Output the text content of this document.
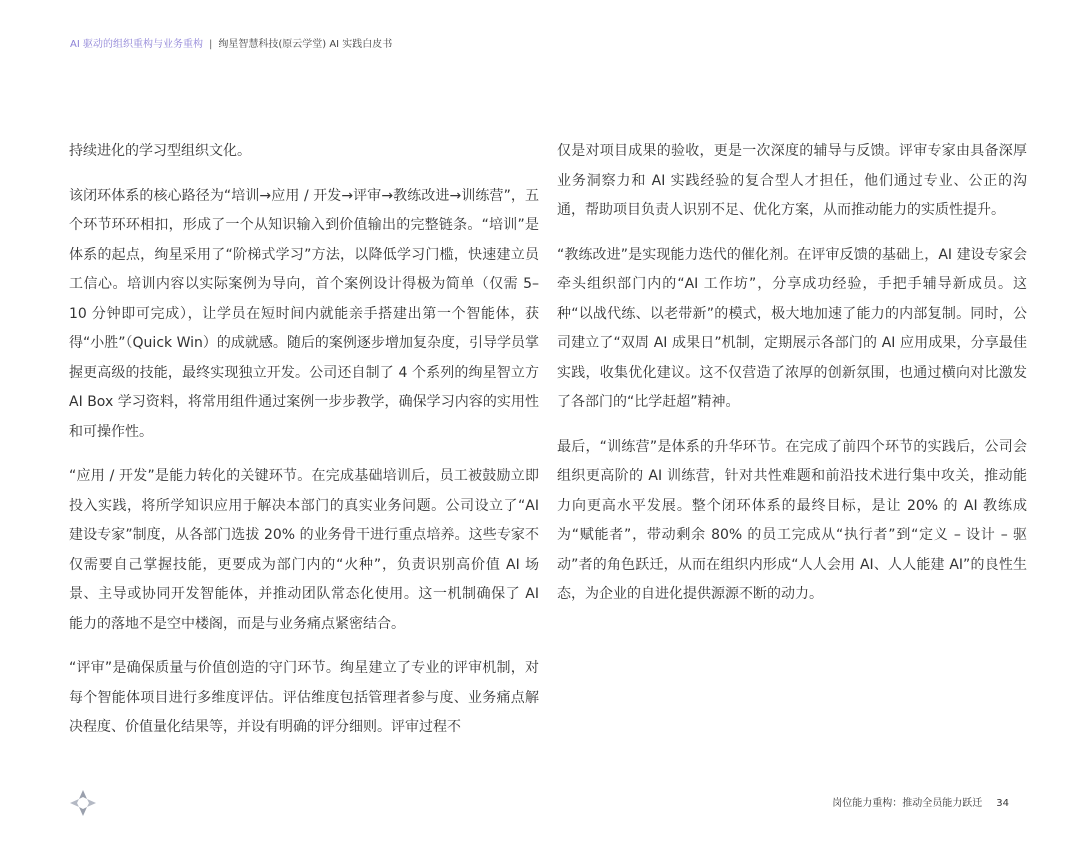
AI 驱动的组织重构与业务重构 | 绚星智慧科技(原云学堂) AI 实践白皮书

持续进化的学习型组织文化。

该闭环体系的核心路径为“培训→应用 / 开发→评审→教练改进→训练营”，五个环节环环相扣，形成了一个从知识输入到价值输出的完整链条。“培训”是体系的起点，绚星采用了“阶梯式学习”方法，以降低学习门槛，快速建立员工信心。培训内容以实际案例为导向，首个案例设计得极为简单（仅需 5–10 分钟即可完成），让学员在短时间内就能亲手搭建出第一个智能体，获得“小胜”（Quick Win）的成就感。随后的案例逐步增加复杂度，引导学员掌握更高级的技能，最终实现独立开发。公司还自制了 4 个系列的绚星智立方 AI Box 学习资料，将常用组件通过案例一步步教学，确保学习内容的实用性和可操作性。

“应用 / 开发”是能力转化的关键环节。在完成基础培训后，员工被鼓励立即投入实践，将所学知识应用于解决本部门的真实业务问题。公司设立了“AI 建设专家”制度，从各部门选拔 20% 的业务骨干进行重点培养。这些专家不仅需要自己掌握技能，更要成为部门内的“火种”，负责识别高价值 AI 场景、主导或协同开发智能体，并推动团队常态化使用。这一机制确保了 AI 能力的落地不是空中楼阁，而是与业务痛点紧密结合。

“评审”是确保质量与价值创造的守门环节。绚星建立了专业的评审机制，对每个智能体项目进行多维度评估。评估维度包括管理者参与度、业务痛点解决程度、价值量化结果等，并设有明确的评分细则。评审过程不

仅是对项目成果的验收，更是一次深度的辅导与反馈。评审专家由具备深厚业务洞察力和 AI 实践经验的复合型人才担任，他们通过专业、公正的沟通，帮助项目负责人识别不足、优化方案，从而推动能力的实质性提升。

“教练改进”是实现能力迭代的催化剂。在评审反馈的基础上，AI 建设专家会牵头组织部门内的“AI 工作坊”，分享成功经验，手把手辅导新成员。这种“以战代练、以老带新”的模式，极大地加速了能力的内部复制。同时，公司建立了“双周 AI 成果日”机制，定期展示各部门的 AI 应用成果，分享最佳实践，收集优化建议。这不仅营造了浓厚的创新氛围，也通过横向对比激发了各部门的“比学赶超”精神。

最后，“训练营”是体系的升华环节。在完成了前四个环节的实践后，公司会组织更高阶的 AI 训练营，针对共性难题和前沿技术进行集中攻关，推动能力向更高水平发展。整个闭环体系的最终目标，是让 20% 的 AI 教练成为“赋能者”，带动剩余 80% 的员工完成从“执行者”到“定义 – 设计 – 驱动”者的角色跃迁，从而在组织内形成“人人会用 AI、人人能建 AI”的良性生态，为企业的自进化提供源源不断的动力。

岗位能力重构：推动全员能力跃迁 34
